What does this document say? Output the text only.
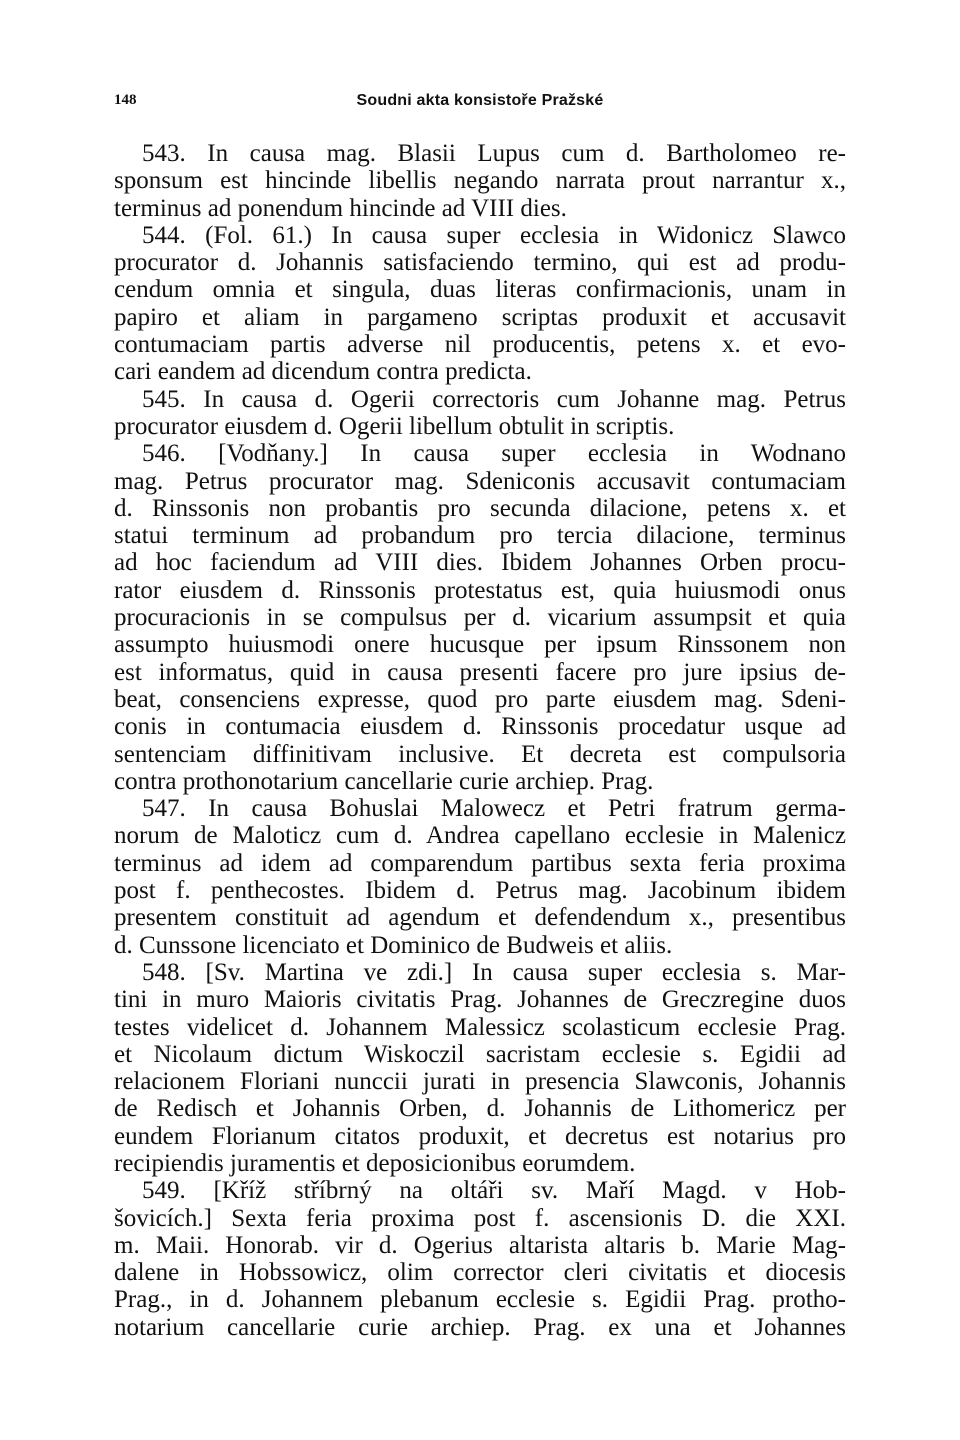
148	Soudni akta konsistoře Pražské
543. In causa mag. Blasii Lupus cum d. Bartholomeo re-
sponsum est hincinde libellis negando narrata prout narrantur x.,
terminus ad ponendum hincinde ad VIII dies.
544. (Fol. 61.) In causa super ecclesia in Widonicz Slawco
procurator d. Johannis satisfaciendo termino, qui est ad produ-
cendum omnia et singula, duas literas confirmacionis, unam in
papiro et aliam in pargameno scriptas produxit et accusavit
contumaciam partis adverse nil producentis, petens x. et evo-
cari eandem ad dicendum contra predicta.
545. In causa d. Ogerii correctoris cum Johanne mag. Petrus
procurator eiusdem d. Ogerii libellum obtulit in scriptis.
546. [Vodňany.] In causa super ecclesia in Wodnano
mag. Petrus procurator mag. Sdeniconis accusavit contumaciam
d. Rinssonis non probantis pro secunda dilacione, petens x. et
statui terminum ad probandum pro tercia dilacione, terminus
ad hoc faciendum ad VIII dies. Ibidem Johannes Orben procu-
rator eiusdem d. Rinssonis protestatus est, quia huiusmodi onus
procuracionis in se compulsus per d. vicarium assumpsit et quia
assumpto huiusmodi onere hucusque per ipsum Rinssonem non
est informatus, quid in causa presenti facere pro jure ipsius de-
beat, consenciens expresse, quod pro parte eiusdem mag. Sdeni-
conis in contumacia eiusdem d. Rinssonis procedatur usque ad
sentenciam diffinitivam inclusive. Et decreta est compulsoria
contra prothonotarium cancellarie curie archiep. Prag.
547. In causa Bohuslai Malowecz et Petri fratrum germa-
norum de Maloticz cum d. Andrea capellano ecclesie in Malenicz
terminus ad idem ad comparendum partibus sexta feria proxima
post f. penthecostes. Ibidem d. Petrus mag. Jacobinum ibidem
presentem constituit ad agendum et defendendum x., presentibus
d. Cunssone licenciato et Dominico de Budweis et aliis.
548. [Sv. Martina ve zdi.] In causa super ecclesia s. Mar-
tini in muro Maioris civitatis Prag. Johannes de Greczregine duos
testes videlicet d. Johannem Malessicz scolasticum ecclesie Prag.
et Nicolaum dictum Wiskoczil sacristam ecclesie s. Egidii ad
relacionem Floriani nunccii jurati in presencia Slawconis, Johannis
de Redisch et Johannis Orben, d. Johannis de Lithomericz per
eundem Florianum citatos produxit, et decretus est notarius pro
recipiendis juramentis et deposicionibus eorumdem.
549. [Kříž stříbrný na oltáři sv. Maří Magd. v Hob-
šovicích.] Sexta feria proxima post f. ascensionis D. die XXI.
m. Maii. Honorab. vir d. Ogerius altarista altaris b. Marie Mag-
dalene in Hobssowicz, olim corrector cleri civitatis et diocesis
Prag., in d. Johannem plebanum ecclesie s. Egidii Prag. prothо-
notarium cancellarie curie archiep. Prag. ex una et Johannes
